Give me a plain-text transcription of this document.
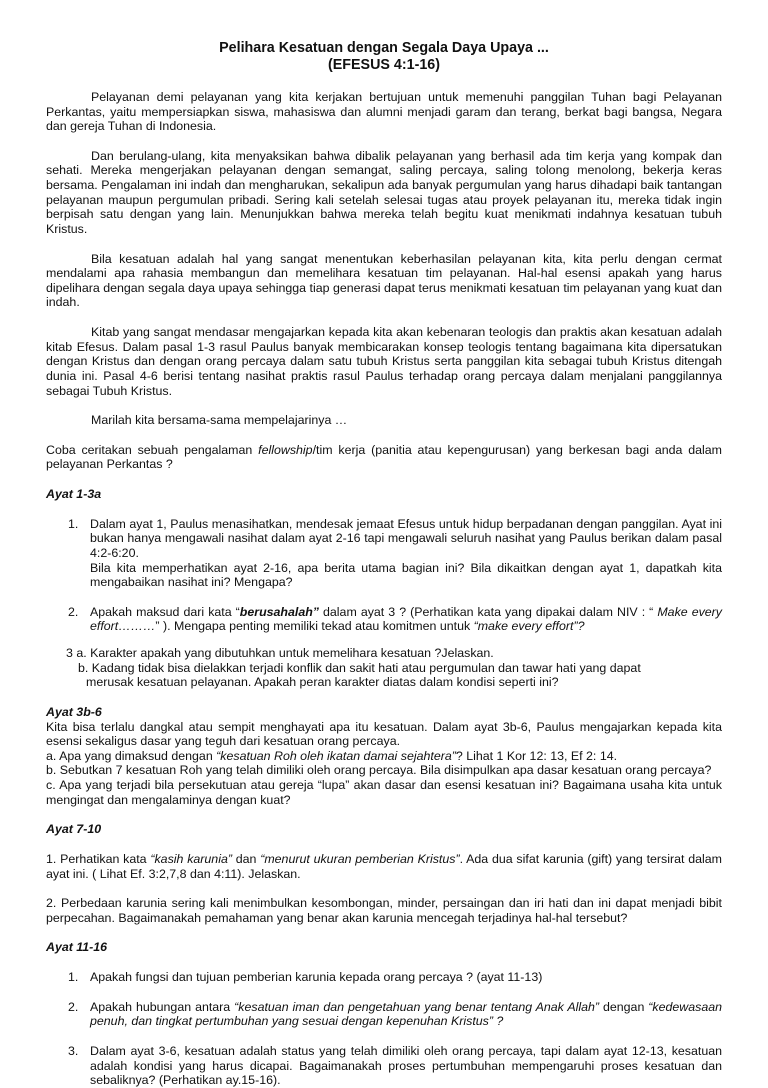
Pelihara Kesatuan dengan Segala Daya Upaya ...

(EFESUS 4:1-16)

Pelayanan demi pelayanan yang kita kerjakan bertujuan untuk memenuhi panggilan Tuhan bagi Pelayanan Perkantas, yaitu mempersiapkan siswa, mahasiswa dan alumni menjadi garam dan terang, berkat bagi bangsa, Negara dan gereja Tuhan di Indonesia.

Dan berulang-ulang, kita menyaksikan bahwa dibalik pelayanan yang berhasil ada tim kerja yang kompak dan sehati. Mereka mengerjakan pelayanan dengan semangat, saling percaya, saling tolong menolong, bekerja keras bersama. Pengalaman ini indah dan mengharukan, sekalipun ada banyak pergumulan yang harus dihadapi baik tantangan pelayanan maupun pergumulan pribadi. Sering kali setelah selesai tugas atau proyek pelayanan itu, mereka tidak ingin berpisah satu dengan yang lain. Menunjukkan bahwa mereka telah begitu kuat menikmati indahnya kesatuan tubuh Kristus.

Bila kesatuan adalah hal yang sangat menentukan keberhasilan pelayanan kita, kita perlu dengan cermat mendalami apa rahasia membangun dan memelihara kesatuan tim pelayanan. Hal-hal esensi apakah yang harus dipelihara dengan segala daya upaya sehingga tiap generasi dapat terus menikmati kesatuan tim pelayanan yang kuat dan indah.

Kitab yang sangat mendasar mengajarkan kepada kita akan kebenaran teologis dan praktis akan kesatuan adalah kitab Efesus. Dalam pasal 1-3 rasul Paulus banyak membicarakan konsep teologis tentang bagaimana kita dipersatukan dengan Kristus dan dengan orang percaya dalam satu tubuh Kristus serta panggilan kita sebagai tubuh Kristus ditengah dunia ini. Pasal 4-6 berisi tentang nasihat praktis rasul Paulus terhadap orang percaya dalam menjalani panggilannya sebagai Tubuh Kristus.

Marilah kita bersama-sama mempelajarinya …

Coba ceritakan sebuah pengalaman fellowship/tim kerja (panitia atau kepengurusan) yang berkesan bagi anda dalam pelayanan Perkantas ?

Ayat 1-3a

1. Dalam ayat 1, Paulus menasihatkan, mendesak jemaat Efesus untuk hidup berpadanan dengan panggilan. Ayat ini bukan hanya mengawali nasihat dalam ayat 2-16 tapi mengawali seluruh nasihat yang Paulus berikan dalam pasal 4:2-6:20.

Bila kita memperhatikan ayat 2-16, apa berita utama bagian ini? Bila dikaitkan dengan ayat 1, dapatkah kita mengabaikan nasihat ini? Mengapa?

2. Apakah maksud dari kata “berusahalah” dalam ayat 3 ? (Perhatikan kata yang dipakai dalam NIV : “ Make every effort………” ). Mengapa penting memiliki tekad atau komitmen untuk “make every effort”?

3 a. Karakter apakah yang dibutuhkan untuk memelihara kesatuan ?Jelaskan.

b. Kadang tidak bisa dielakkan terjadi konflik dan sakit hati atau pergumulan dan tawar hati yang dapat

merusak kesatuan pelayanan. Apakah peran karakter diatas dalam kondisi seperti ini?

Ayat 3b-6

Kita bisa terlalu dangkal atau sempit menghayati apa itu kesatuan. Dalam ayat 3b-6, Paulus mengajarkan kepada kita esensi sekaligus dasar yang teguh dari kesatuan orang percaya.

a. Apa yang dimaksud dengan “kesatuan Roh oleh ikatan damai sejahtera”? Lihat 1 Kor 12: 13, Ef 2: 14.

b. Sebutkan 7 kesatuan Roh yang telah dimiliki oleh orang percaya. Bila disimpulkan apa dasar kesatuan orang percaya?

c. Apa yang terjadi bila persekutuan atau gereja “lupa” akan dasar dan esensi kesatuan ini? Bagaimana usaha kita untuk mengingat dan mengalaminya dengan kuat?

Ayat 7-10

1. Perhatikan kata “kasih karunia” dan “menurut ukuran pemberian Kristus”. Ada dua sifat karunia (gift) yang tersirat dalam ayat ini. ( Lihat Ef. 3:2,7,8 dan 4:11). Jelaskan.

2. Perbedaan karunia sering kali menimbulkan kesombongan, minder, persaingan dan iri hati dan ini dapat menjadi bibit perpecahan. Bagaimanakah pemahaman yang benar akan karunia mencegah terjadinya hal-hal tersebut?

Ayat 11-16

1. Apakah fungsi dan tujuan pemberian karunia kepada orang percaya ? (ayat 11-13)
2. Apakah hubungan antara “kesatuan iman dan pengetahuan yang benar tentang Anak Allah” dengan “kedewasaan penuh, dan tingkat pertumbuhan yang sesuai dengan kepenuhan Kristus” ?
3. Dalam ayat 3-6, kesatuan adalah status yang telah dimiliki oleh orang percaya, tapi dalam ayat 12-13, kesatuan adalah kondisi yang harus dicapai. Bagaimanakah proses pertumbuhan mempengaruhi proses kesatuan dan sebaliknya? (Perhatikan ay.15-16).
